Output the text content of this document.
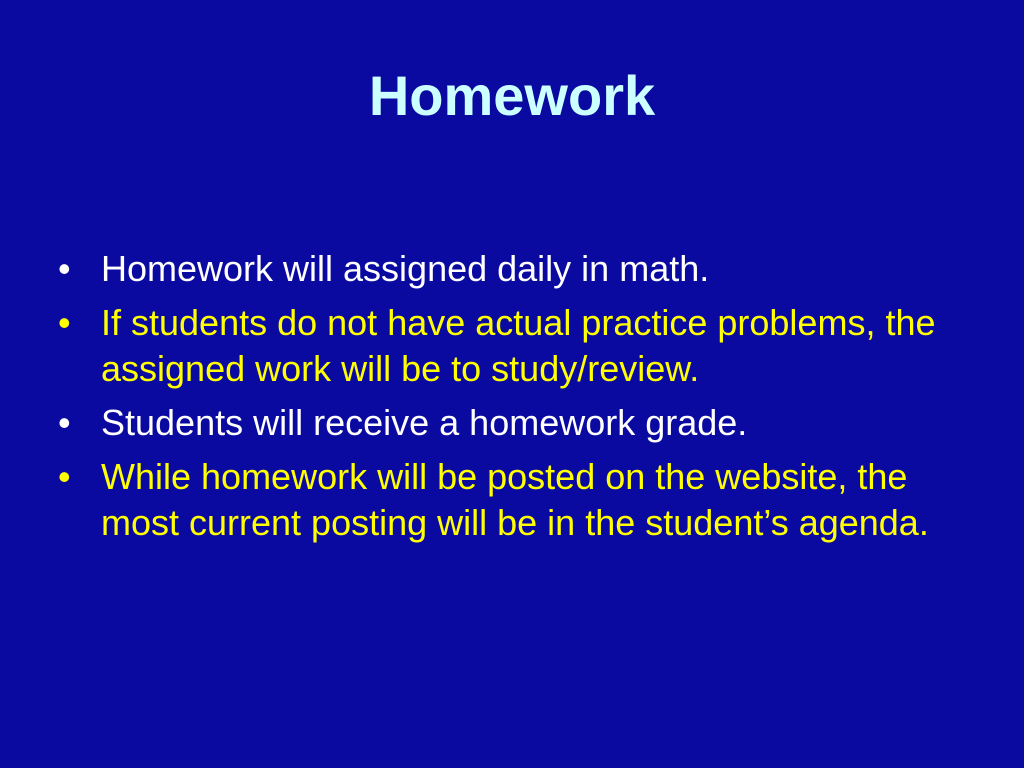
Homework
• Homework will assigned daily in math.
• If students do not have actual practice problems, the assigned work will be to study/review.
• Students will receive a homework grade.
• While homework will be posted on the website, the most current posting will be in the student’s agenda.
